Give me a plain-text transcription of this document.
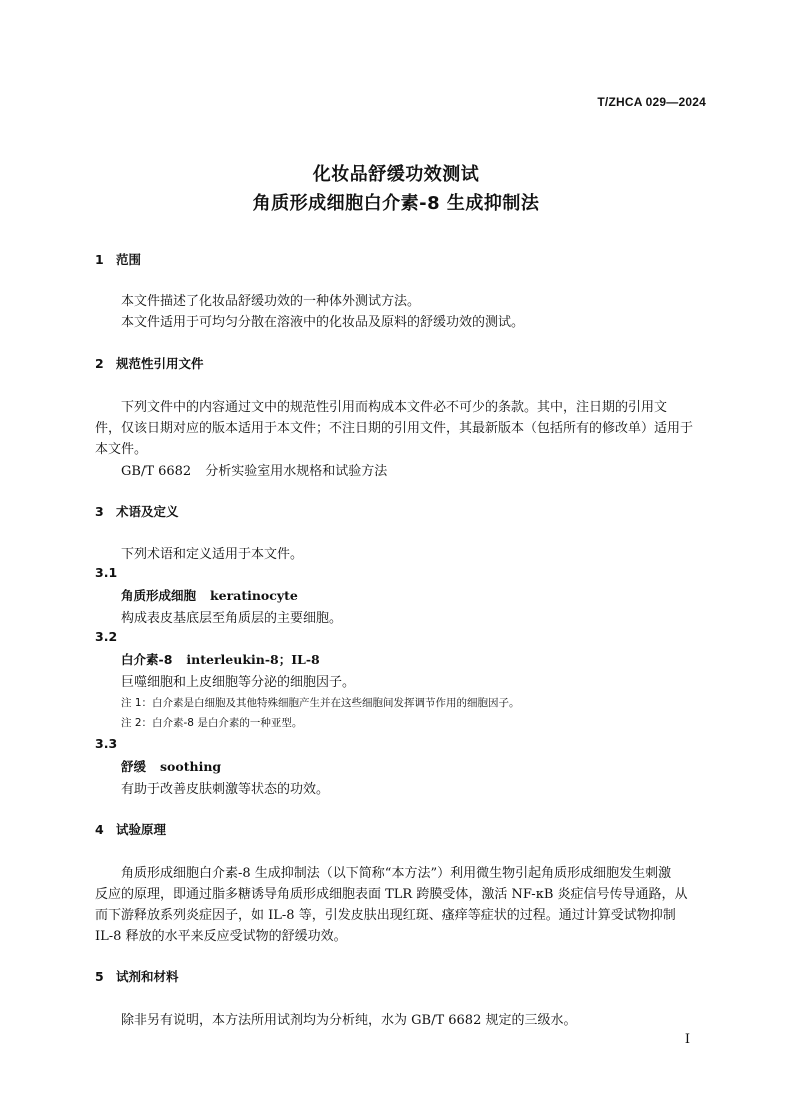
T/ZHCA 029—2024
化妆品舒缓功效测试
角质形成细胞白介素-8 生成抑制法
1 范围
本文件描述了化妆品舒缓功效的一种体外测试方法。
本文件适用于可均匀分散在溶液中的化妆品及原料的舒缓功效的测试。
2 规范性引用文件
下列文件中的内容通过文中的规范性引用而构成本文件必不可少的条款。其中，注日期的引用文
件，仅该日期对应的版本适用于本文件；不注日期的引用文件，其最新版本（包括所有的修改单）适用于
本文件。
GB/T 6682 分析实验室用水规格和试验方法
3 术语及定义
下列术语和定义适用于本文件。
3.1
角质形成细胞 keratinocyte
构成表皮基底层至角质层的主要细胞。
3.2
白介素-8 interleukin-8；IL-8
巨噬细胞和上皮细胞等分泌的细胞因子。
注 1：白介素是白细胞及其他特殊细胞产生并在这些细胞间发挥调节作用的细胞因子。
注 2：白介素-8 是白介素的一种亚型。
3.3
舒缓 soothing
有助于改善皮肤刺激等状态的功效。
4 试验原理
角质形成细胞白介素-8 生成抑制法（以下简称“本方法”）利用微生物引起角质形成细胞发生刺激
反应的原理，即通过脂多糖诱导角质形成细胞表面 TLR 跨膜受体，激活 NF-κB 炎症信号传导通路，从
而下游释放系列炎症因子，如 IL-8 等，引发皮肤出现红斑、瘙痒等症状的过程。通过计算受试物抑制
IL-8 释放的水平来反应受试物的舒缓功效。
5 试剂和材料
除非另有说明，本方法所用试剂均为分析纯，水为 GB/T 6682 规定的三级水。
I
